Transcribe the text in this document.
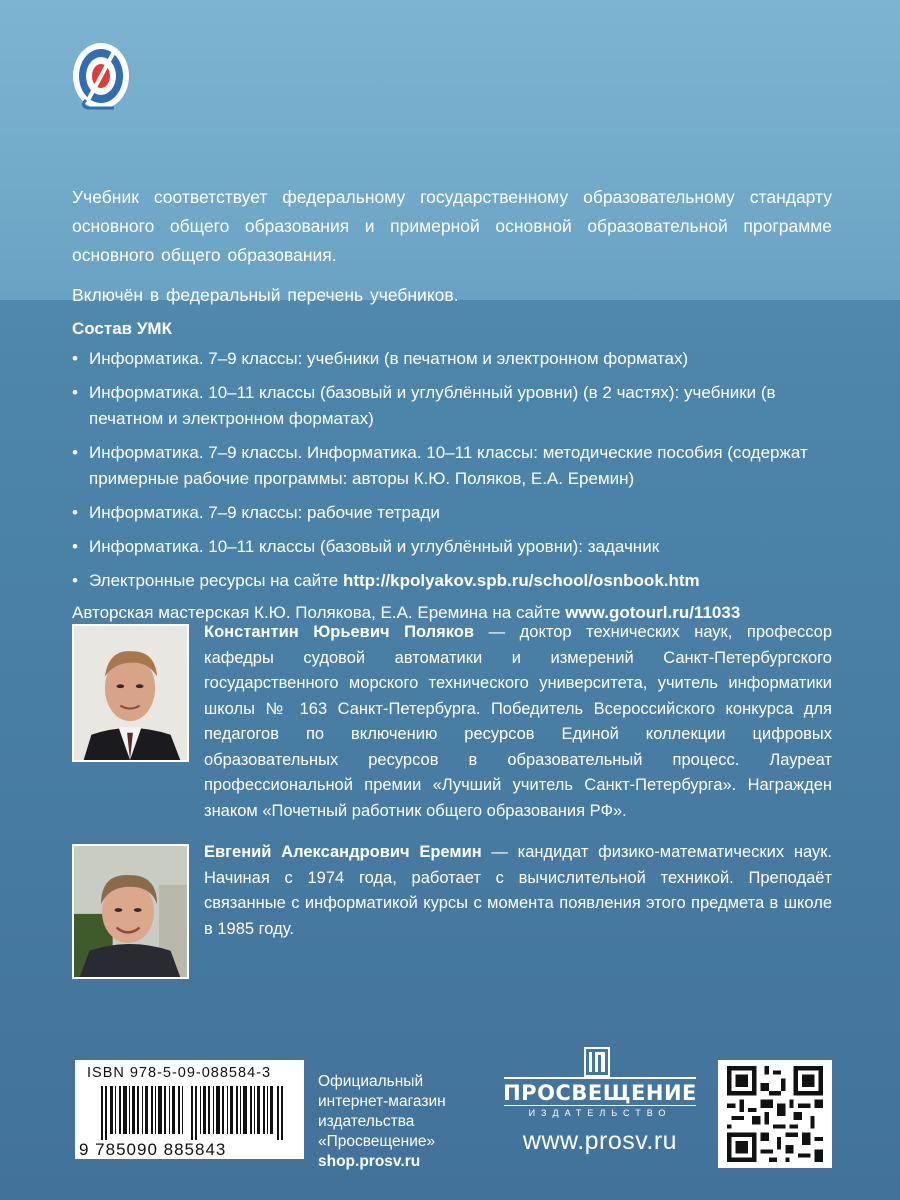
Учебник соответствует федеральному государственному образовательному стандарту основного общего образования и примерной основной образовательной программе основного общего образования.

Включён в федеральный перечень учебников.

Состав УМК
• Информатика. 7–9 классы: учебники (в печатном и электронном форматах)
• Информатика. 10–11 классы (базовый и углублённый уровни) (в 2 частях): учебники (в печатном и электронном форматах)
• Информатика. 7–9 классы. Информатика. 10–11 классы: методические пособия (содержат примерные рабочие программы: авторы К.Ю. Поляков, Е.А. Еремин)
• Информатика. 7–9 классы: рабочие тетради
• Информатика. 10–11 классы (базовый и углублённый уровни): задачник
• Электронные ресурсы на сайте http://kpolyakov.spb.ru/school/osnbook.htm
Авторская мастерская К.Ю. Полякова, Е.А. Еремина на сайте www.gotourl.ru/11033
Константин Юрьевич Поляков — доктор технических наук, профессор кафедры судовой автоматики и измерений Санкт-Петербургского государственного морского технического университета, учитель информатики школы № 163 Санкт-Петербурга. Победитель Всероссийского конкурса для педагогов по включению ресурсов Единой коллекции цифровых образовательных ресурсов в образовательный процесс. Лауреат профессиональной премии «Лучший учитель Санкт-Петербурга». Награжден знаком «Почетный работник общего образования РФ».
Евгений Александрович Еремин — кандидат физико-математических наук. Начиная с 1974 года, работает с вычислительной техникой. Преподаёт связанные с информатикой курсы с момента появления этого предмета в школе в 1985 году.
ISBN 978-5-09-088584-3
9 785090 885843
Официальный
интернет-магазин
издательства
«Просвещение»
shop.prosv.ru
ПРОСВЕЩЕНИЕ
ИЗДАТЕЛЬСТВО
www.prosv.ru
